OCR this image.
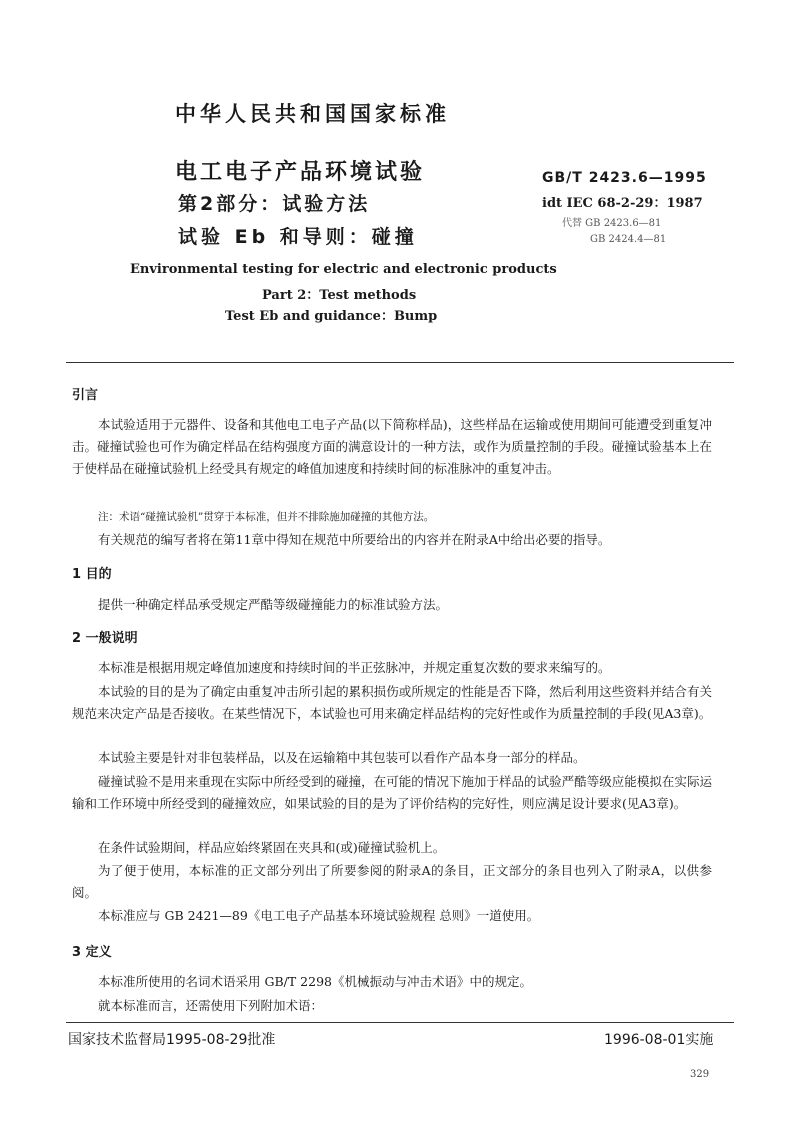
中华人民共和国国家标准
电工电子产品环境试验
第2部分：试验方法
试验 Eb 和导则：碰撞
GB/T 2423.6—1995
idt IEC 68-2-29：1987
代替 GB 2423.6—81
GB 2424.4—81
Environmental testing for electric and electronic products
Part 2：Test methods
Test Eb and guidance：Bump
引言
本试验适用于元器件、设备和其他电工电子产品(以下简称样品)，这些样品在运输或使用期间可能遭受到重复冲击。碰撞试验也可作为确定样品在结构强度方面的满意设计的一种方法，或作为质量控制的手段。碰撞试验基本上在于使样品在碰撞试验机上经受具有规定的峰值加速度和持续时间的标准脉冲的重复冲击。
注：术语“碰撞试验机”贯穿于本标准，但并不排除施加碰撞的其他方法。
有关规范的编写者将在第11章中得知在规范中所要给出的内容并在附录A中给出必要的指导。
1 目的
提供一种确定样品承受规定严酷等级碰撞能力的标准试验方法。
2 一般说明
本标准是根据用规定峰值加速度和持续时间的半正弦脉冲，并规定重复次数的要求来编写的。
本试验的目的是为了确定由重复冲击所引起的累积损伤或所规定的性能是否下降，然后利用这些资料并结合有关规范来决定产品是否接收。在某些情况下，本试验也可用来确定样品结构的完好性或作为质量控制的手段(见A3章)。
本试验主要是针对非包装样品，以及在运输箱中其包装可以看作产品本身一部分的样品。
碰撞试验不是用来重现在实际中所经受到的碰撞，在可能的情况下施加于样品的试验严酷等级应能模拟在实际运输和工作环境中所经受到的碰撞效应，如果试验的目的是为了评价结构的完好性，则应满足设计要求(见A3章)。
在条件试验期间，样品应始终紧固在夹具和(或)碰撞试验机上。
为了便于使用，本标准的正文部分列出了所要参阅的附录A的条目，正文部分的条目也列入了附录A，以供参阅。
本标准应与 GB 2421—89《电工电子产品基本环境试验规程 总则》一道使用。
3 定义
本标准所使用的名词术语采用 GB/T 2298《机械振动与冲击术语》中的规定。
就本标准而言，还需使用下列附加术语：
国家技术监督局1995-08-29批准	1996-08-01实施
329
